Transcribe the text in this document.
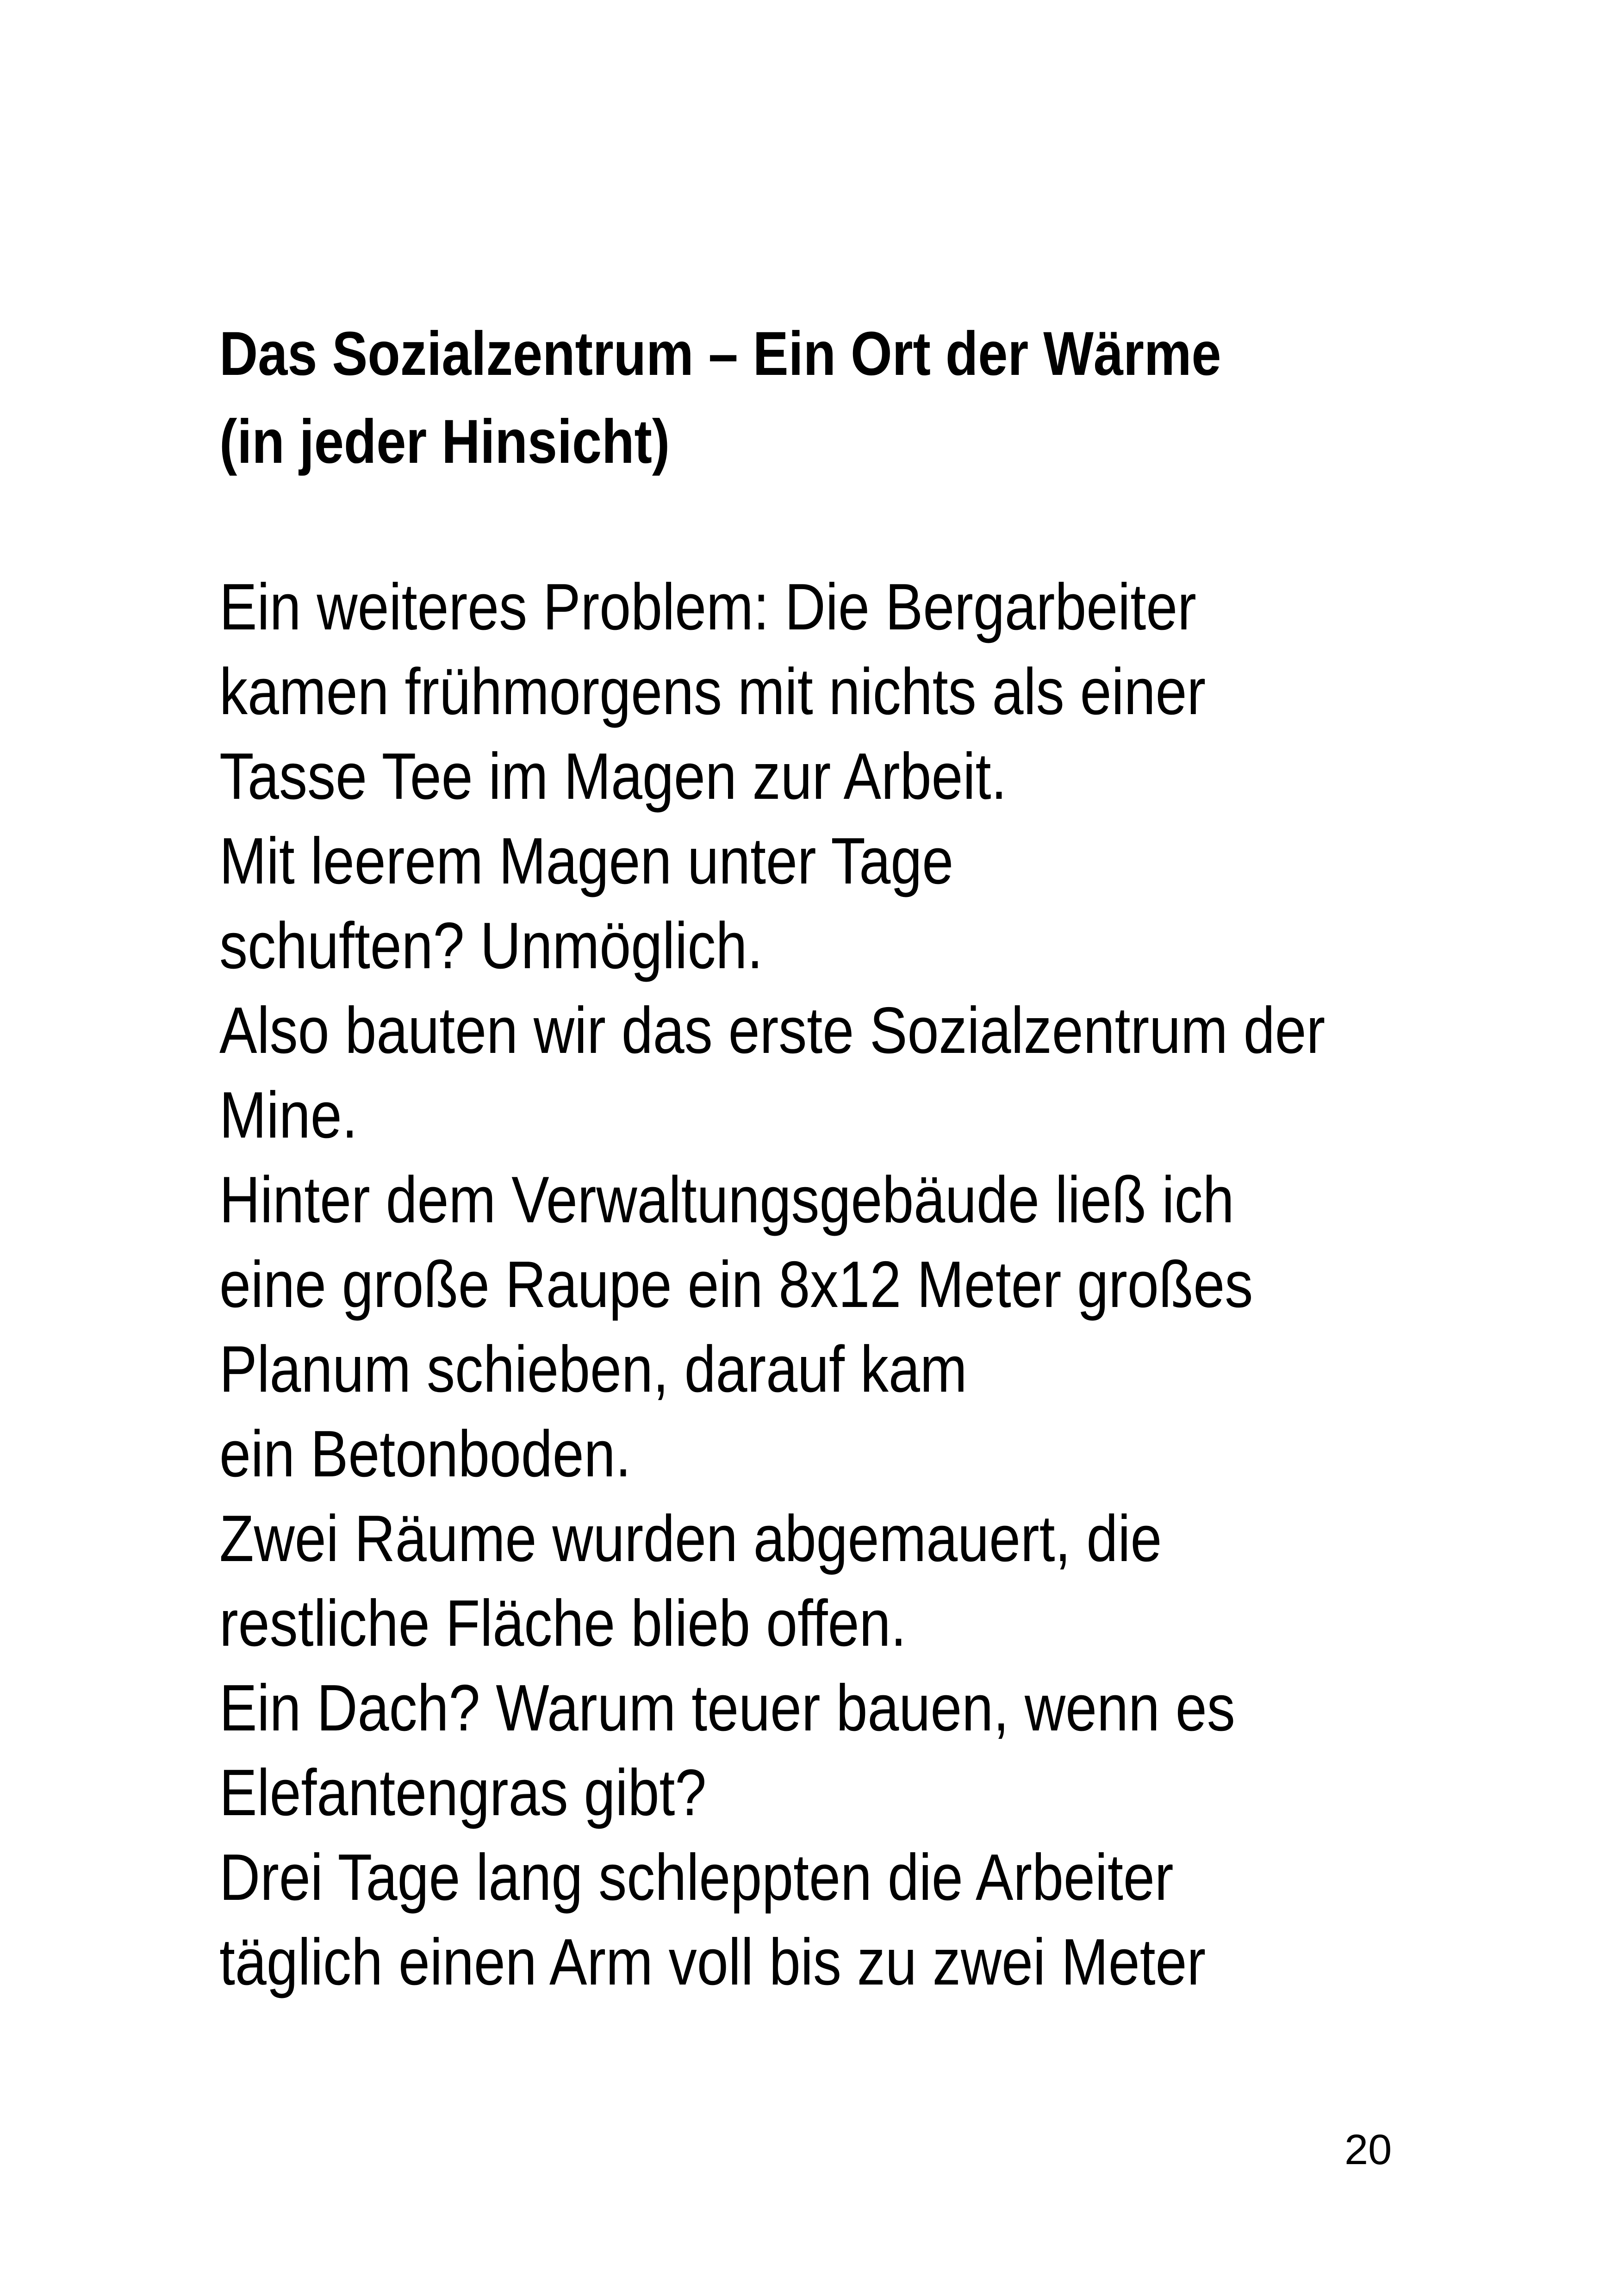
Das Sozialzentrum – Ein Ort der Wärme
(in jeder Hinsicht)
Ein weiteres Problem: Die Bergarbeiter
kamen frühmorgens mit nichts als einer
Tasse Tee im Magen zur Arbeit.
Mit leerem Magen unter Tage
schuften? Unmöglich.
Also bauten wir das erste Sozialzentrum der
Mine.
Hinter dem Verwaltungsgebäude ließ ich
eine große Raupe ein 8x12 Meter großes
Planum schieben, darauf kam
ein Betonboden.
Zwei Räume wurden abgemauert, die
restliche Fläche blieb offen.
Ein Dach? Warum teuer bauen, wenn es
Elefantengras gibt?
Drei Tage lang schleppten die Arbeiter
täglich einen Arm voll bis zu zwei Meter
20
